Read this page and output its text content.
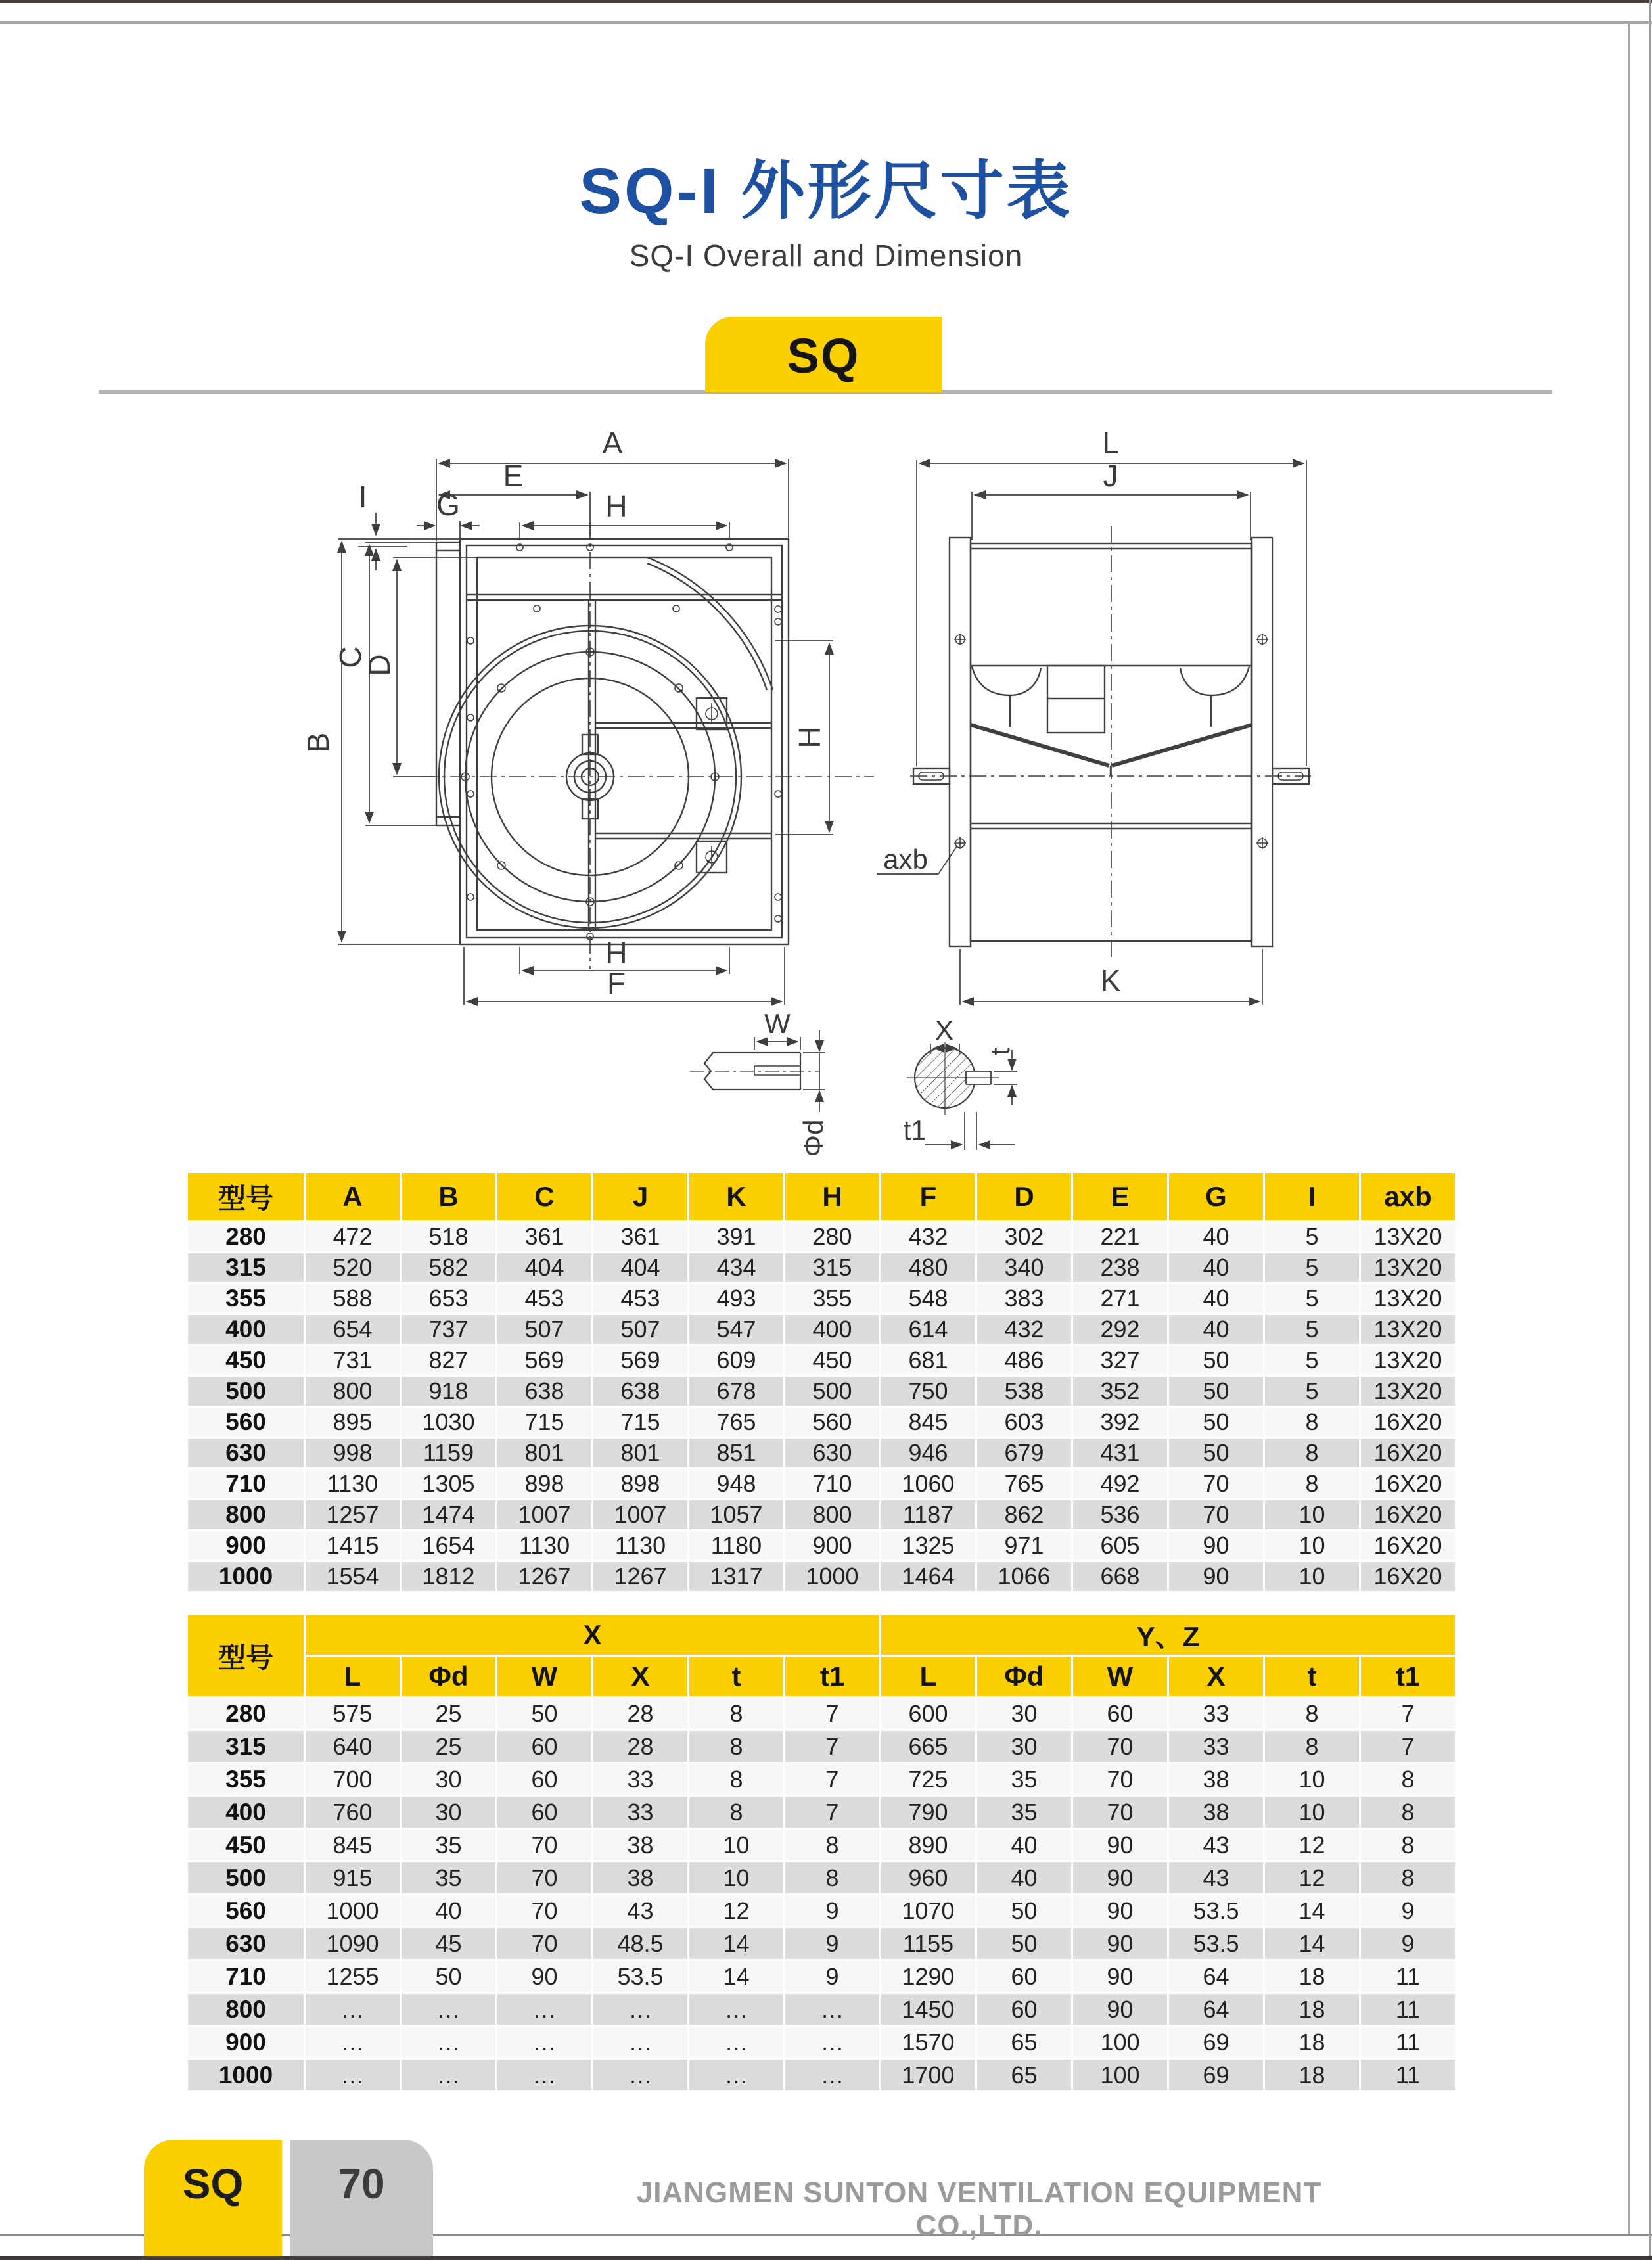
SQ-I 外形尺寸表
SQ-I Overall and Dimension
SQ
A
E
G
I	H
B
C
D
H
H
F
L
J
K
axb
W
Φd
X
t
t1
型号	A	B	C	J	K	H	F	D	E	G	I	axb
280	472	518	361	361	391	280	432	302	221	40	5	13X20
315	520	582	404	404	434	315	480	340	238	40	5	13X20
355	588	653	453	453	493	355	548	383	271	40	5	13X20
400	654	737	507	507	547	400	614	432	292	40	5	13X20
450	731	827	569	569	609	450	681	486	327	50	5	13X20
500	800	918	638	638	678	500	750	538	352	50	5	13X20
560	895	1030	715	715	765	560	845	603	392	50	8	16X20
630	998	1159	801	801	851	630	946	679	431	50	8	16X20
710	1130	1305	898	898	948	710	1060	765	492	70	8	16X20
800	1257	1474	1007	1007	1057	800	1187	862	536	70	10	16X20
900	1415	1654	1130	1130	1180	900	1325	971	605	90	10	16X20
1000	1554	1812	1267	1267	1317	1000	1464	1066	668	90	10	16X20
型号	X						Y、Z					
	L	Φd	W	X	t	t1	L	Φd	W	X	t	t1
280	575	25	50	28	8	7	600	30	60	33	8	7
315	640	25	60	28	8	7	665	30	70	33	8	7
355	700	30	60	33	8	7	725	35	70	38	10	8
400	760	30	60	33	8	7	790	35	70	38	10	8
450	845	35	70	38	10	8	890	40	90	43	12	8
500	915	35	70	38	10	8	960	40	90	43	12	8
560	1000	40	70	43	12	9	1070	50	90	53.5	14	9
630	1090	45	70	48.5	14	9	1155	50	90	53.5	14	9
710	1255	50	90	53.5	14	9	1290	60	90	64	18	11
800	…	…	…	…	…	…	1450	60	90	64	18	11
900	…	…	…	…	…	…	1570	65	100	69	18	11
1000	…	…	…	…	…	…	1700	65	100	69	18	11
SQ	70	JIANGMEN SUNTON VENTILATION EQUIPMENT CO.,LTD.
